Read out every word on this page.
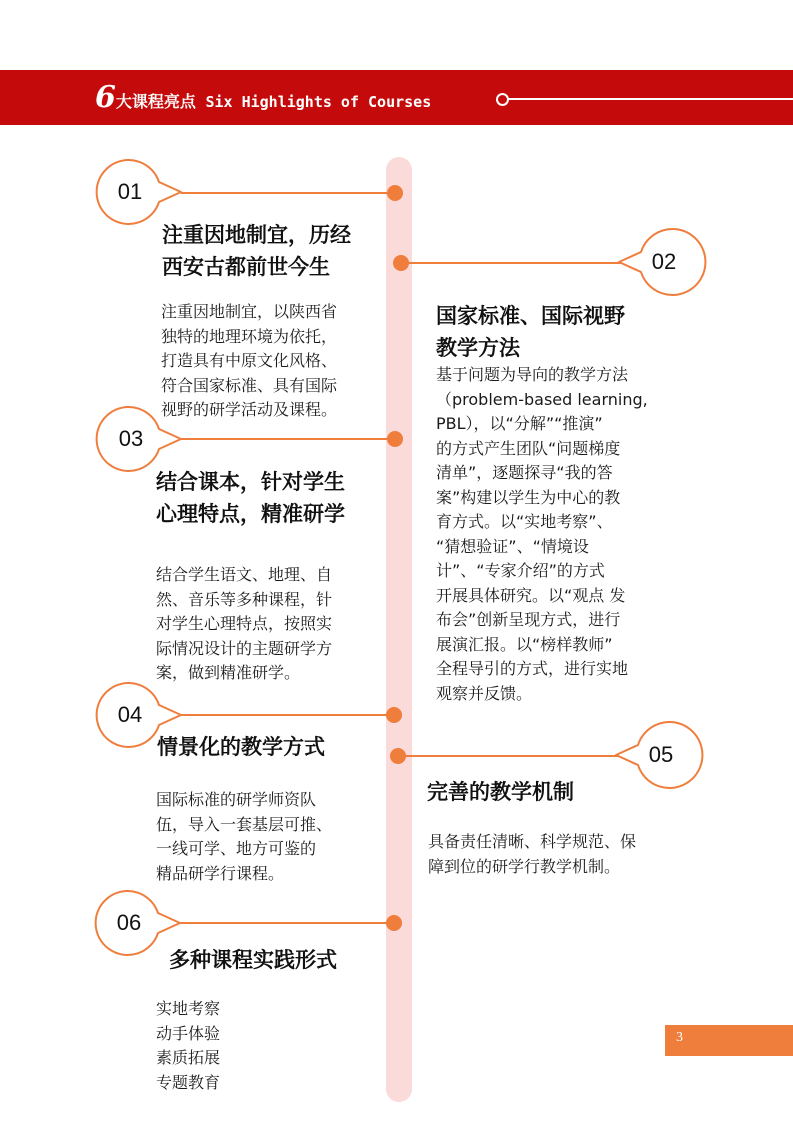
6大课程亮点 Six Highlights of Courses
01
注重因地制宜，历经
西安古都前世今生
注重因地制宜，以陕西省
独特的地理环境为依托，
打造具有中原文化风格、
符合国家标准、具有国际
视野的研学活动及课程。
02
国家标准、国际视野
教学方法
基于问题为导向的教学方法
（problem-based learning,
PBL），以“分解”“推演”
的方式产生团队“问题梯度
清单”，逐题探寻“我的答
案”构建以学生为中心的教
育方式。以“实地考察”、
“猜想验证”、“情境设
计”、“专家介绍”的方式
开展具体研究。以“观点 发
布会”创新呈现方式，进行
展演汇报。以“榜样教师”
全程导引的方式，进行实地
观察并反馈。
03
结合课本，针对学生
心理特点，精准研学
结合学生语文、地理、自
然、音乐等多种课程，针
对学生心理特点，按照实
际情况设计的主题研学方
案，做到精准研学。
04
情景化的教学方式
国际标准的研学师资队
伍，导入一套基层可推、
一线可学、地方可鉴的
精品研学行课程。
05
完善的教学机制
具备责任清晰、科学规范、保
障到位的研学行教学机制。
06
多种课程实践形式
实地考察
动手体验
素质拓展
专题教育
3
